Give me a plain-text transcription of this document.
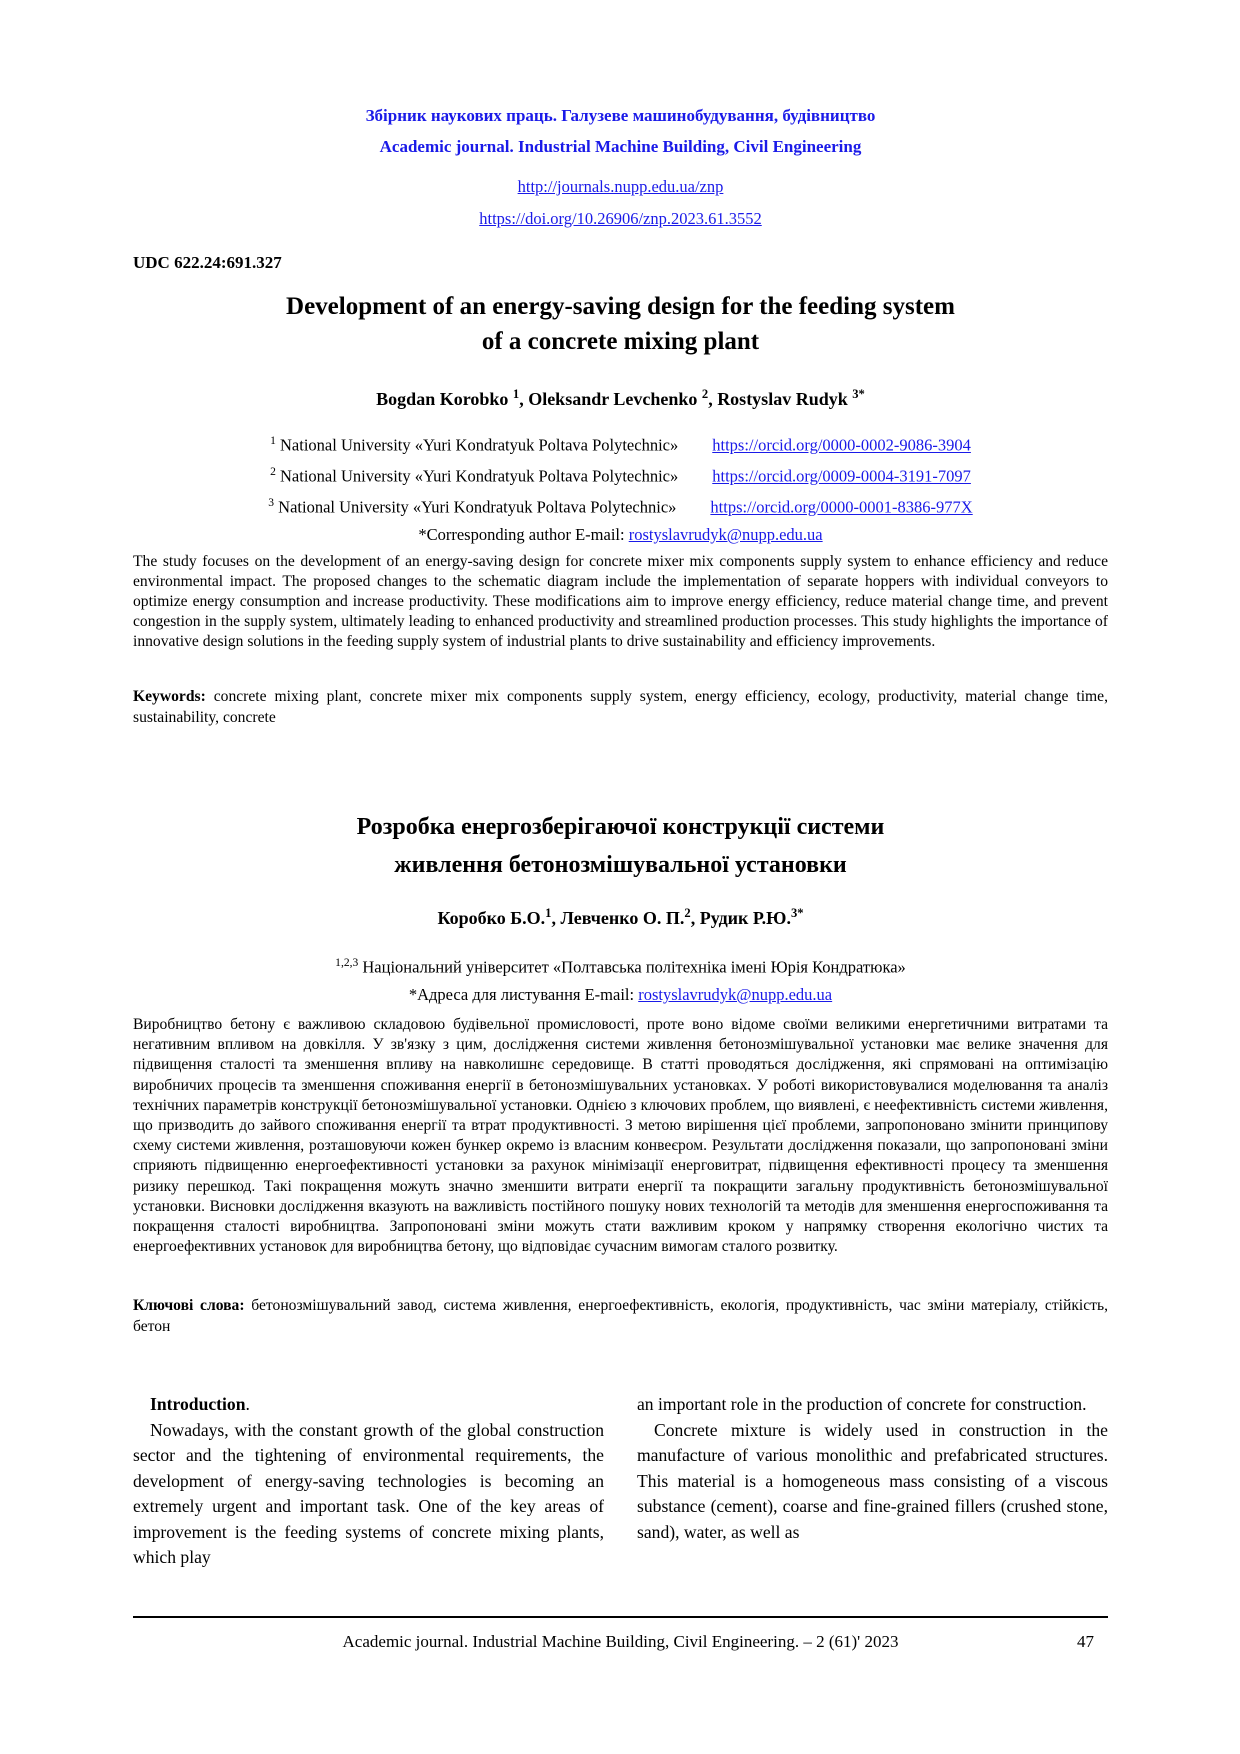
Збірник наукових праць. Галузеве машинобудування, будівництво
Academic journal. Industrial Machine Building, Civil Engineering
http://journals.nupp.edu.ua/znp
https://doi.org/10.26906/znp.2023.61.3552
UDC 622.24:691.327
Development of an energy-saving design for the feeding system
of a concrete mixing plant
Bogdan Korobko $^1$, Oleksandr Levchenko $^2$, Rostyslav Rudyk $^{3*}$
$^1$ National University «Yuri Kondratyuk Poltava Polytechnic» https://orcid.org/0000-0002-9086-3904
$^2$ National University «Yuri Kondratyuk Poltava Polytechnic» https://orcid.org/0009-0004-3191-7097
$^3$ National University «Yuri Kondratyuk Poltava Polytechnic» https://orcid.org/0000-0001-8386-977X
*Corresponding author E-mail: rostyslavrudyk@nupp.edu.ua
The study focuses on the development of an energy-saving design for concrete mixer mix components supply system to enhance efficiency and reduce environmental impact. The proposed changes to the schematic diagram include the implementation of separate hoppers with individual conveyors to optimize energy consumption and increase productivity. These modifications aim to improve energy efficiency, reduce material change time, and prevent congestion in the supply system, ultimately leading to enhanced productivity and streamlined production processes. This study highlights the importance of innovative design solutions in the feeding supply system of industrial plants to drive sustainability and efficiency improvements.
Keywords: concrete mixing plant, concrete mixer mix components supply system, energy efficiency, ecology, productivity, material change time, sustainability, concrete
Розробка енергозберігаючої конструкції системи
живлення бетонозмішувальної установки
Коробко Б.О.$^1$, Левченко О. П.$^2$, Рудик Р.Ю.$^{3*}$
$^{1,2,3}$ Національний університет «Полтавська політехніка імені Юрія Кондратюка»
*Адреса для листування E-mail: rostyslavrudyk@nupp.edu.ua
Виробництво бетону є важливою складовою будівельної промисловості, проте воно відоме своїми великими енергетичними витратами та негативним впливом на довкілля. У зв'язку з цим, дослідження системи живлення бетонозмішувальної установки має велике значення для підвищення сталості та зменшення впливу на навколишнє середовище. В статті проводяться дослідження, які спрямовані на оптимізацію виробничих процесів та зменшення споживання енергії в бетонозмішувальних установках. У роботі використовувалися моделювання та аналіз технічних параметрів конструкції бетонозмішувальної установки. Однією з ключових проблем, що виявлені, є неефективність системи живлення, що призводить до зайвого споживання енергії та втрат продуктивності. З метою вирішення цієї проблеми, запропоновано змінити принципову схему системи живлення, розташовуючи кожен бункер окремо із власним конвеєром. Результати дослідження показали, що запропоновані зміни сприяють підвищенню енергоефективності установки за рахунок мінімізації енерговитрат, підвищення ефективності процесу та зменшення ризику перешкод. Такі покращення можуть значно зменшити витрати енергії та покращити загальну продуктивність бетонозмішувальної установки. Висновки дослідження вказують на важливість постійного пошуку нових технологій та методів для зменшення енергоспоживання та покращення сталості виробництва. Запропоновані зміни можуть стати важливим кроком у напрямку створення екологічно чистих та енергоефективних установок для виробництва бетону, що відповідає сучасним вимогам сталого розвитку.
Ключові слова: бетонозмішувальний завод, система живлення, енергоефективність, екологія, продуктивність, час зміни матеріалу, стійкість, бетон
Introduction.

Nowadays, with the constant growth of the global construction sector and the tightening of environmental requirements, the development of energy-saving technologies is becoming an extremely urgent and important task. One of the key areas of improvement is the feeding systems of concrete mixing plants, which play

an important role in the production of concrete for construction.

Concrete mixture is widely used in construction in the manufacture of various monolithic and prefabricated structures. This material is a homogeneous mass consisting of a viscous substance (cement), coarse and fine-grained fillers (crushed stone, sand), water, as well as

Academic journal. Industrial Machine Building, Civil Engineering. – 2 (61)' 2023	47
